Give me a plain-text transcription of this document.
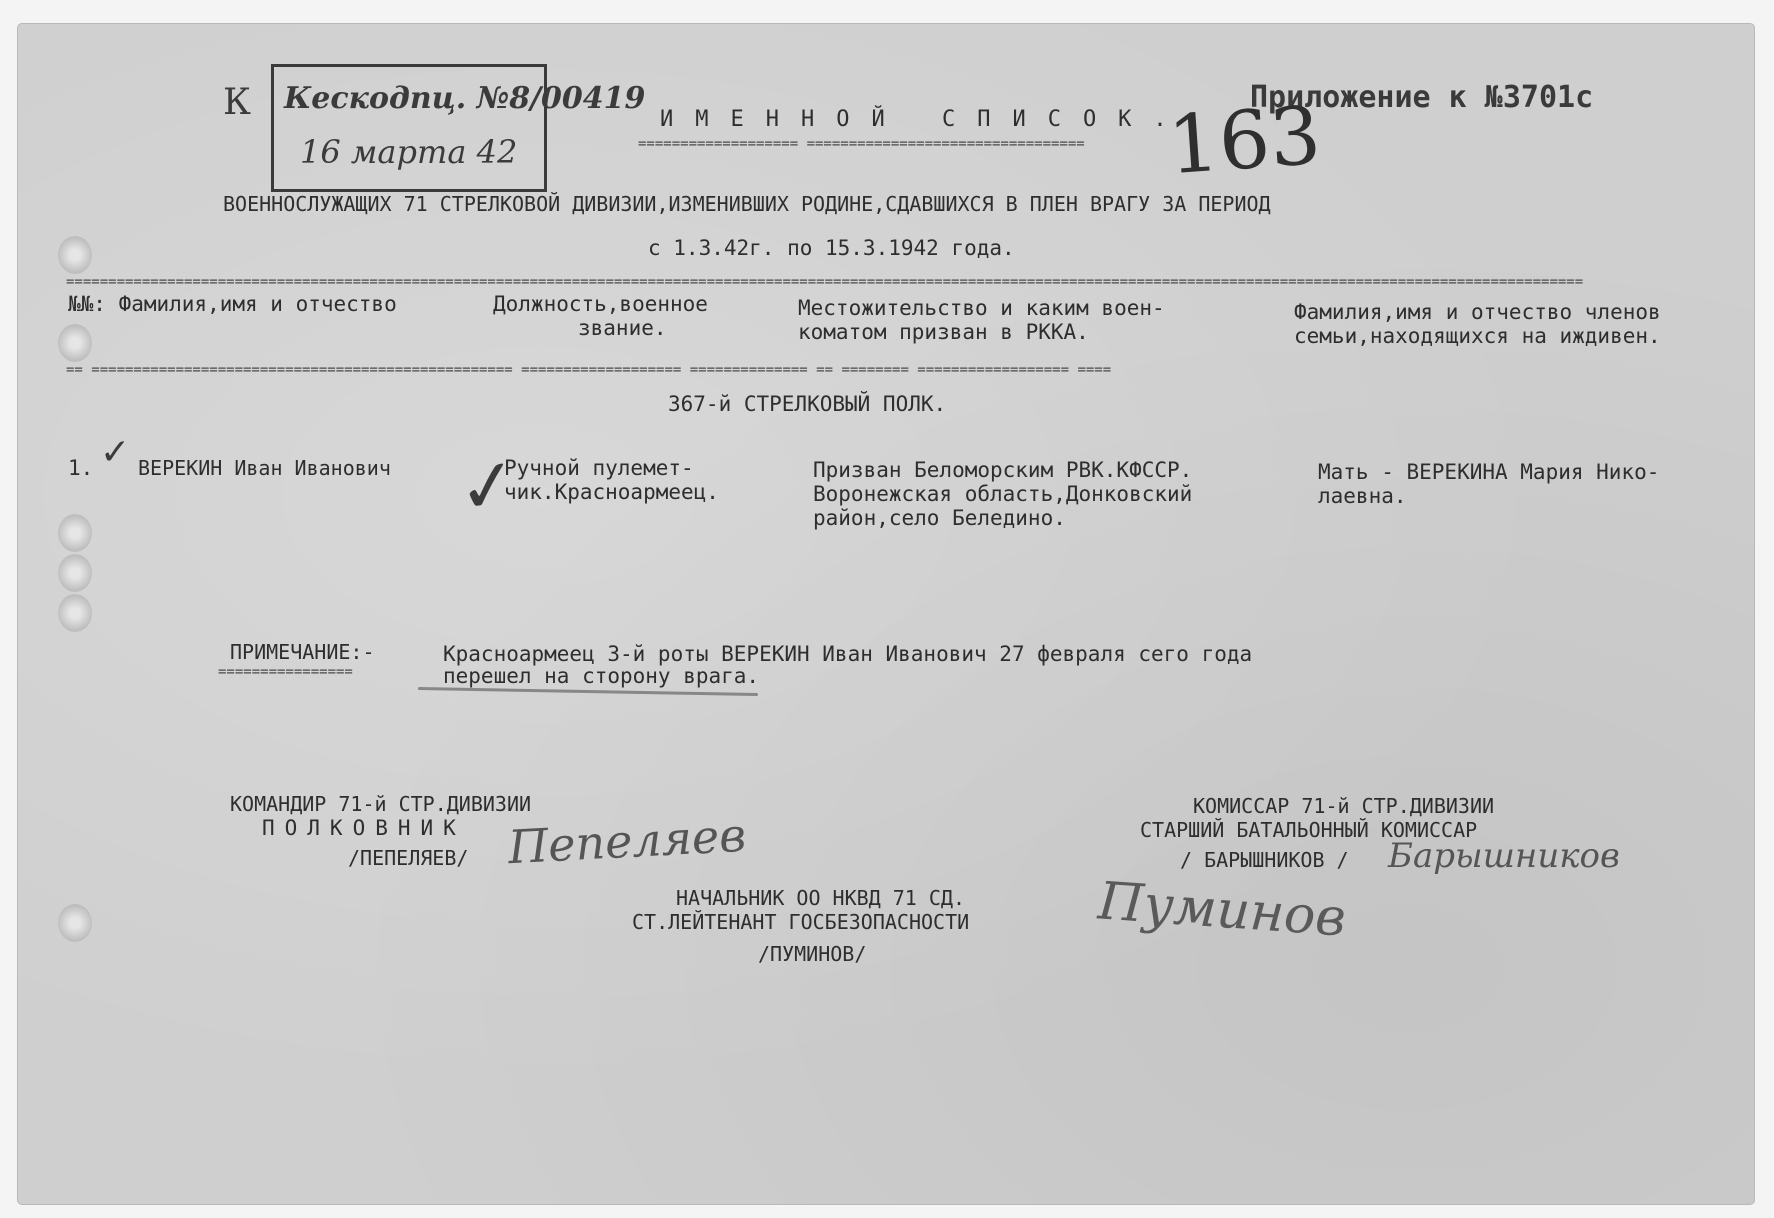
К Кескодпц. №8/00419
16 марта 42
Приложение к №3701с
163
ИМЕННОЙ СПИСОК.
=================== =================================
ВОЕННОСЛУЖАЩИХ 71 СТРЕЛКОВОЙ ДИВИЗИИ,ИЗМЕНИВШИХ РОДИНЕ,СДАВШИХСЯ В ПЛЕН ВРАГУ ЗА ПЕРИОД
с 1.3.42г. по 15.3.1942 года.
====================================================================================================================================================================================
№№: Фамилия,имя и отчество	Должность,военное
звание.
Местожительство и каким воен-
коматом призван в РККА.
Фамилия,имя и отчество членов
семьи,находящихся на иждивен.
== ================================================== =================== ============== == ======== ================== ====
367-й СТРЕЛКОВЫЙ ПОЛК.
1. ✓ ВЕРЕКИН Иван Иванович ✓
Ручной пулемет-
чик.Красноармеец.
Призван Беломорским РВК.КФССР.
Воронежская область,Донковский
район,село Беледино.
Мать - ВЕРЕКИНА Мария Нико-
лаевна.
ПРИМЕЧАНИЕ:-
================
Красноармеец 3-й роты ВЕРЕКИН Иван Иванович 27 февраля сего года
перешел на сторону врага.
КОМАНДИР 71-й СТР.ДИВИЗИИ
ПОЛКОВНИК
/ПЕПЕЛЯЕВ/ Пепеляев
КОМИССАР 71-й СТР.ДИВИЗИИ
СТАРШИЙ БАТАЛЬОННЫЙ КОМИССАР
/ БАРЫШНИКОВ / Барышников
НАЧАЛЬНИК ОО НКВД 71 СД.
СТ.ЛЕЙТЕНАНТ ГОСБЕЗОПАСНОСТИ
/ПУМИНОВ/
Пуминов
